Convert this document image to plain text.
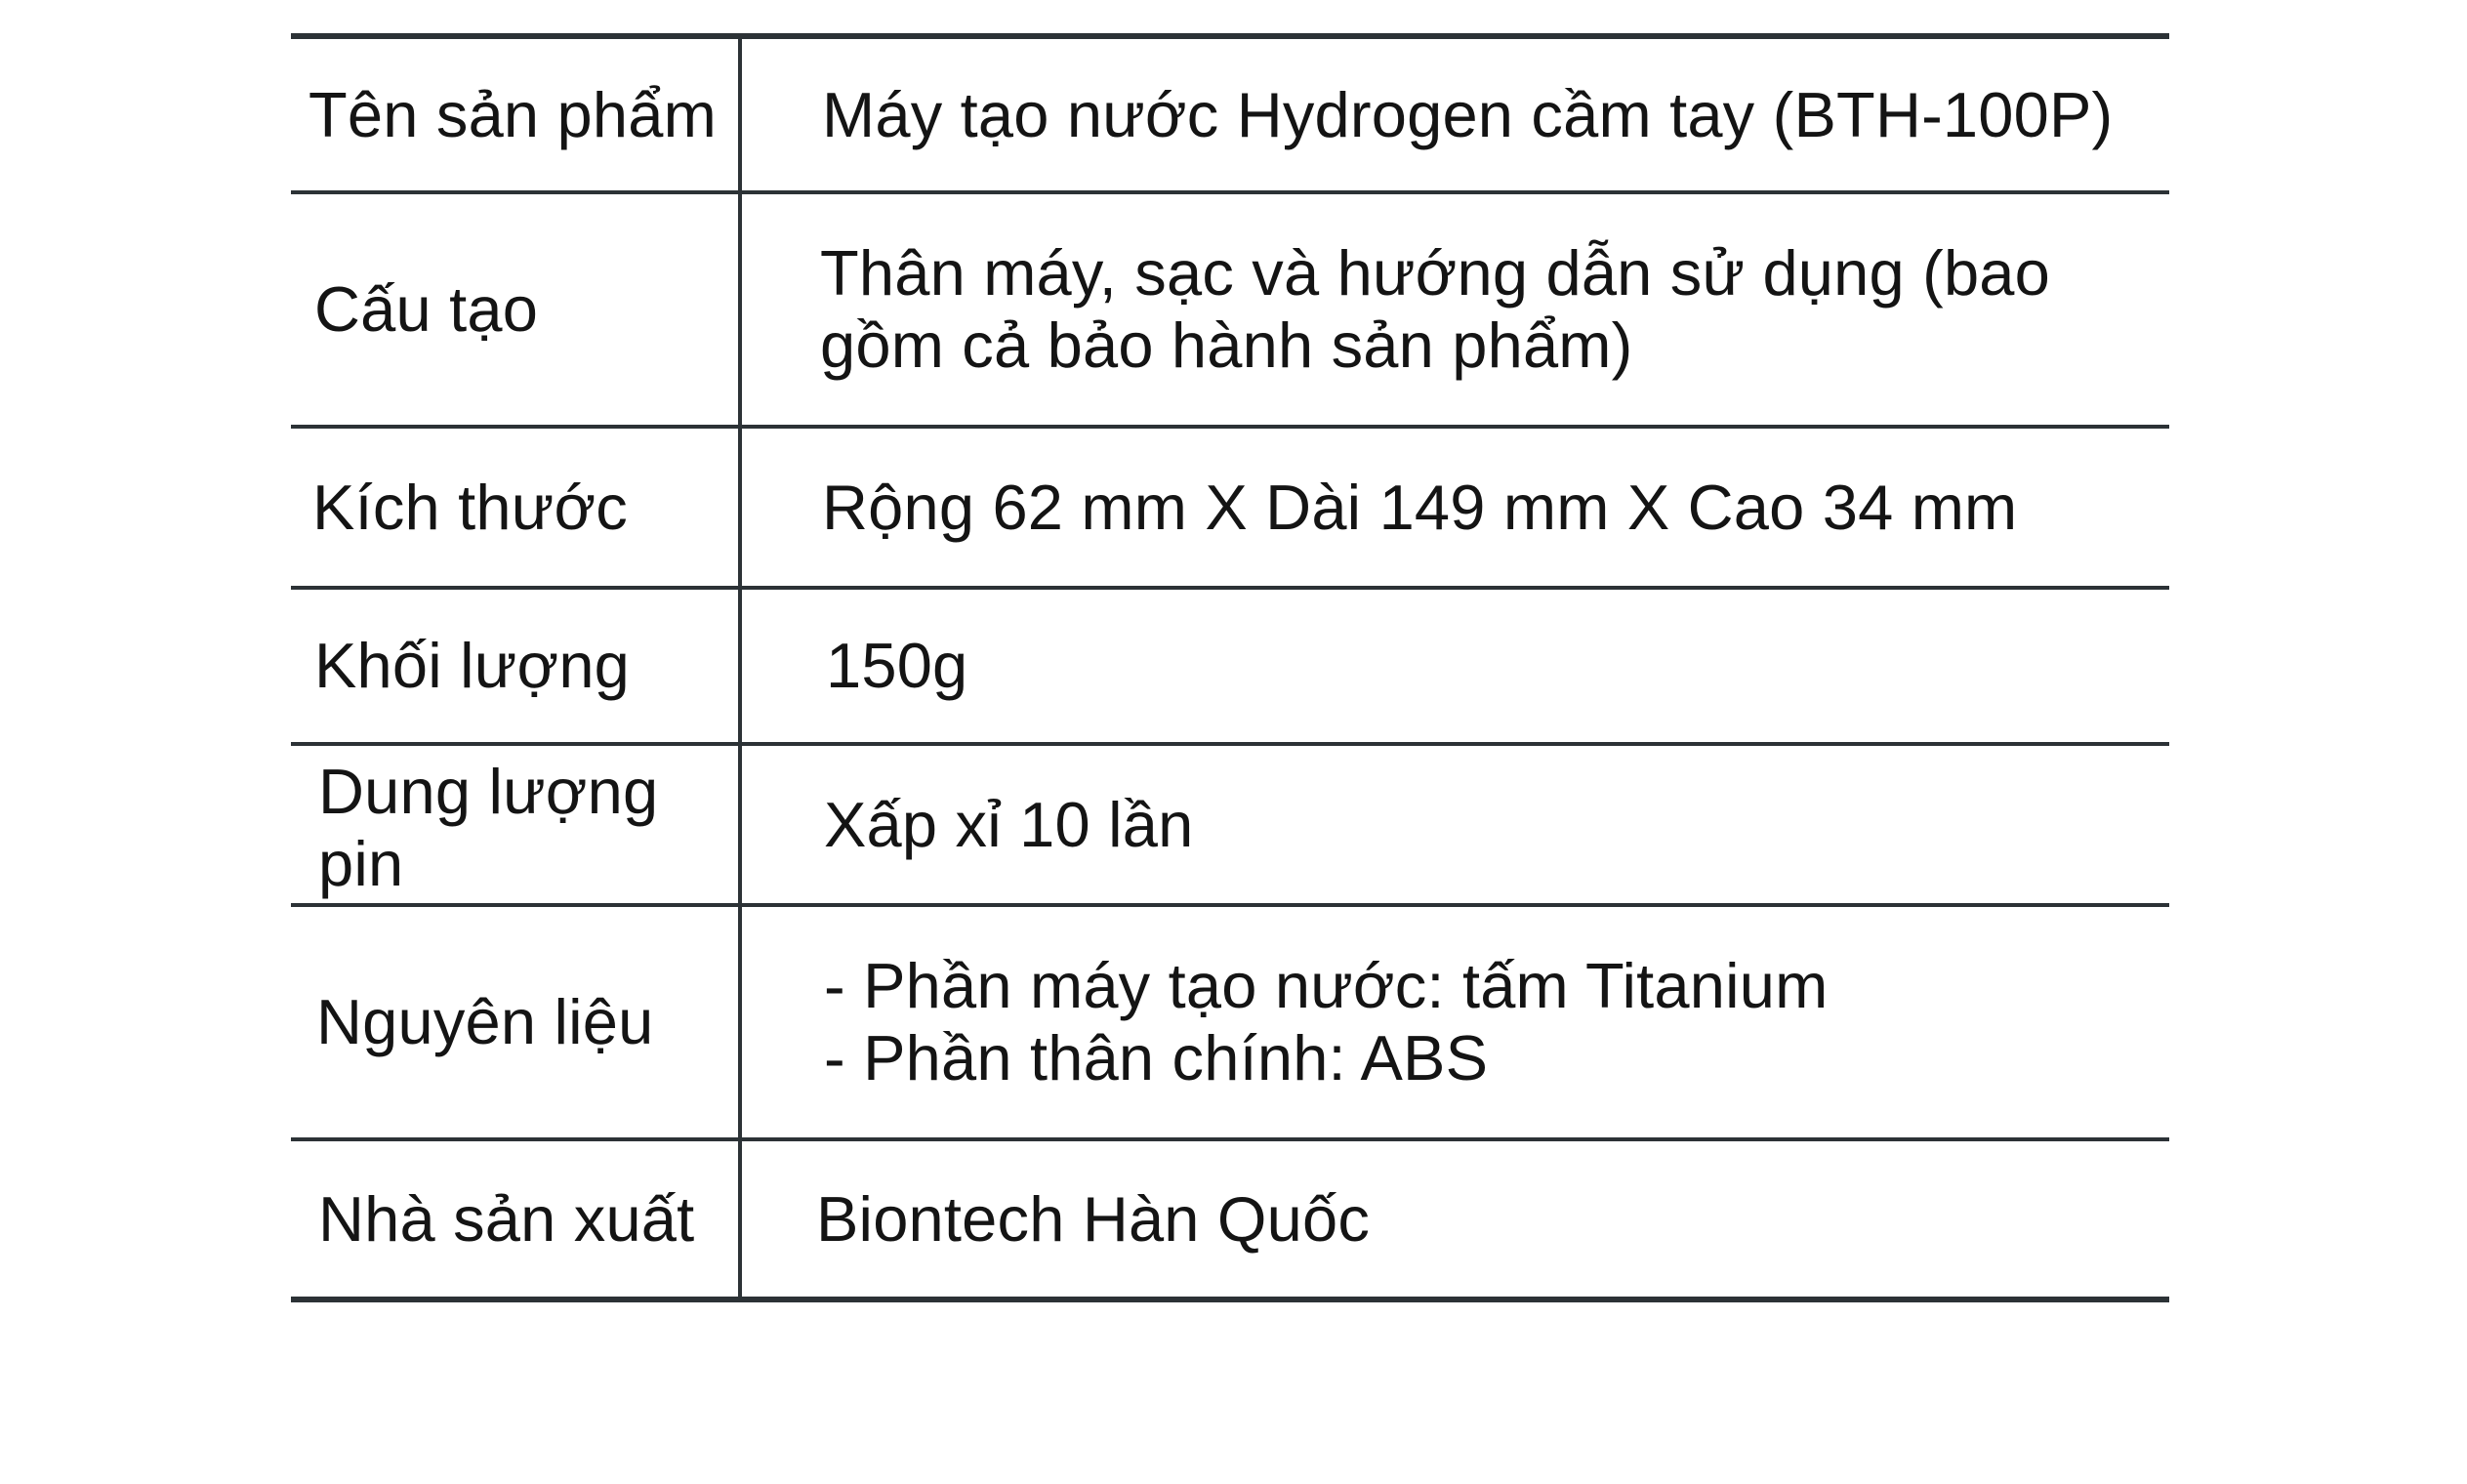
Tên sản phẩm	Máy tạo nước Hydrogen cầm tay (BTH-100P)

Cấu tạo	Thân máy, sạc và hướng dẫn sử dụng (bao
gồm cả bảo hành sản phẩm)

Kích thước	Rộng 62 mm X Dài 149 mm X Cao 34 mm

Khối lượng	150g

Dung lượng
pin	Xấp xỉ 10 lần

Nguyên liệu	- Phần máy tạo nước: tấm Titanium
- Phần thân chính: ABS

Nhà sản xuất	Biontech Hàn Quốc
